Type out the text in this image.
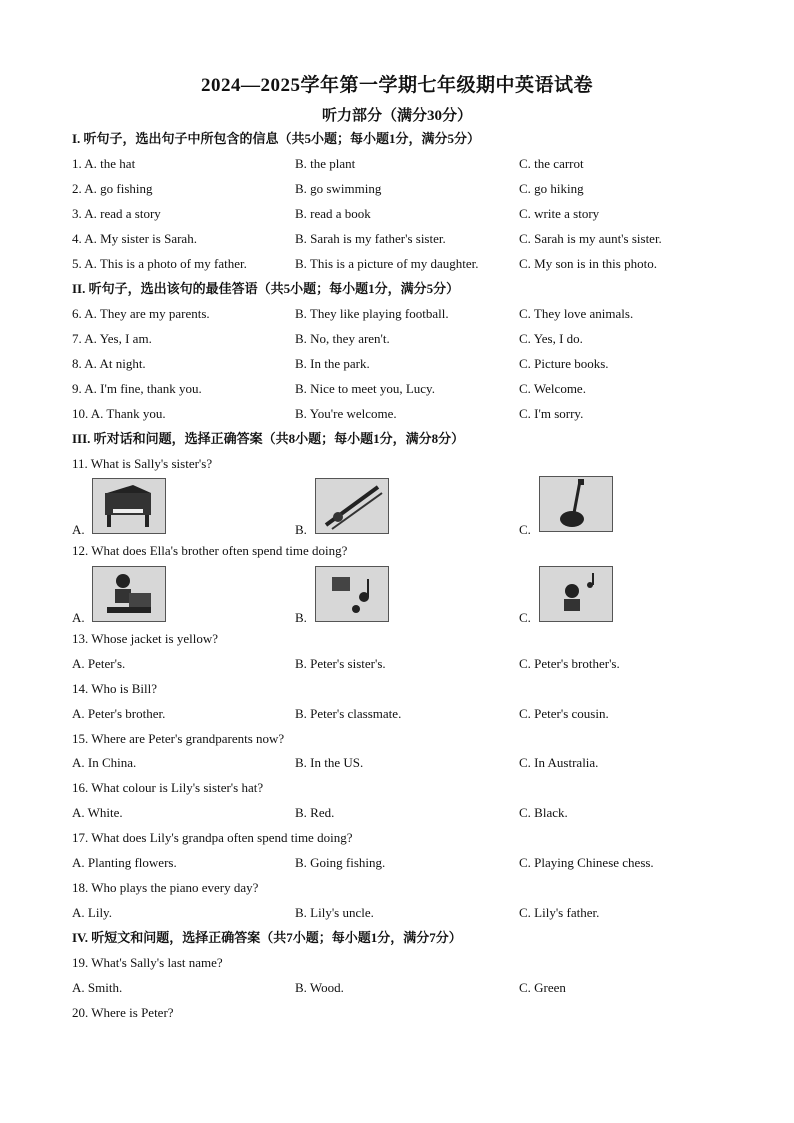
2024—2025学年第一学期七年级期中英语试卷
听力部分（满分30分）
I. 听句子，选出句子中所包含的信息（共5小题；每小题1分，满分5分）
1. A. the hat	B. the plant	C. the carrot
2. A. go fishing	B. go swimming	C. go hiking
3. A. read a story	B. read a book	C. write a story
4. A. My sister is Sarah.	B. Sarah is my father's sister.	C. Sarah is my aunt's sister.
5. A. This is a photo of my father.	B. This is a picture of my daughter.	C. My son is in this photo.
II. 听句子，选出该句的最佳答语（共5小题；每小题1分，满分5分）
6. A. They are my parents.	B. They like playing football.	C. They love animals.
7. A. Yes, I am.	B. No, they aren't.	C. Yes, I do.
8. A. At night.	B. In the park.	C. Picture books.
9. A. I'm fine, thank you.	B. Nice to meet you, Lucy.	C. Welcome.
10. A. Thank you.	B. You're welcome.	C. I'm sorry.
III. 听对话和问题，选择正确答案（共8小题；每小题1分，满分8分）
11. What is Sally's sister's?
A.	B.	C.
12. What does Ella's brother often spend time doing?
A.	B.	C.
13. Whose jacket is yellow?
A. Peter's.	B. Peter's sister's.	C. Peter's brother's.
14. Who is Bill?
A. Peter's brother.	B. Peter's classmate.	C. Peter's cousin.
15. Where are Peter's grandparents now?
A. In China.	B. In the US.	C. In Australia.
16. What colour is Lily's sister's hat?
A. White.	B. Red.	C. Black.
17. What does Lily's grandpa often spend time doing?
A. Planting flowers.	B. Going fishing.	C. Playing Chinese chess.
18. Who plays the piano every day?
A. Lily.	B. Lily's uncle.	C. Lily's father.
IV. 听短文和问题，选择正确答案（共7小题；每小题1分，满分7分）
19. What's Sally's last name?
A. Smith.	B. Wood.	C. Green
20. Where is Peter?
